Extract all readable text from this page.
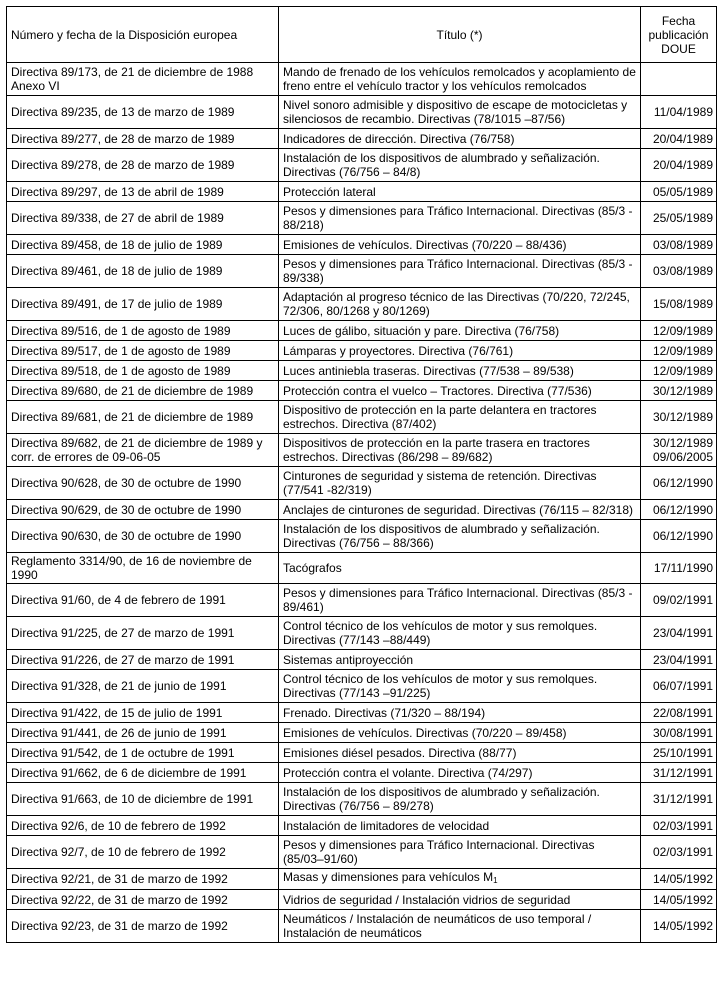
Número y fecha de la Disposición europea	Título (*)	Fecha
publicación
DOUE
Directiva 89/173, de 21 de diciembre de 1988
Anexo VI	Mando de frenado de los vehículos remolcados y acoplamiento de
freno entre el vehículo tractor y los vehículos remolcados	
Directiva 89/235, de 13 de marzo de 1989	Nivel sonoro admisible y dispositivo de escape de motocicletas y
silenciosos de recambio. Directivas (78/1015 –87/56)	11/04/1989
Directiva 89/277, de 28 de marzo de 1989	Indicadores de dirección. Directiva (76/758)	20/04/1989
Directiva 89/278, de 28 de marzo de 1989	Instalación de los dispositivos de alumbrado y señalización.
Directivas (76/756 – 84/8)	20/04/1989
Directiva 89/297, de 13 de abril de 1989	Protección lateral	05/05/1989
Directiva 89/338, de 27 de abril de 1989	Pesos y dimensiones para Tráfico Internacional. Directivas (85/3 -
88/218)	25/05/1989
Directiva 89/458, de 18 de julio de 1989	Emisiones de vehículos. Directivas (70/220 – 88/436)	03/08/1989
Directiva 89/461, de 18 de julio de 1989	Pesos y dimensiones para Tráfico Internacional. Directivas (85/3 -
89/338)	03/08/1989
Directiva 89/491, de 17 de julio de 1989	Adaptación al progreso técnico de las Directivas (70/220, 72/245,
72/306, 80/1268 y 80/1269)	15/08/1989
Directiva 89/516, de 1 de agosto de 1989	Luces de gálibo, situación y pare. Directiva (76/758)	12/09/1989
Directiva 89/517, de 1 de agosto de 1989	Lámparas y proyectores. Directiva (76/761)	12/09/1989
Directiva 89/518, de 1 de agosto de 1989	Luces antiniebla traseras. Directivas (77/538 – 89/538)	12/09/1989
Directiva 89/680, de 21 de diciembre de 1989	Protección contra el vuelco – Tractores. Directiva (77/536)	30/12/1989
Directiva 89/681, de 21 de diciembre de 1989	Dispositivo de protección en la parte delantera en tractores
estrechos. Directiva (87/402)	30/12/1989
Directiva 89/682, de 21 de diciembre de 1989 y
corr. de errores de 09-06-05	Dispositivos de protección en la parte trasera en tractores
estrechos. Directivas (86/298 – 89/682)	30/12/1989
09/06/2005
Directiva 90/628, de 30 de octubre de 1990	Cinturones de seguridad y sistema de retención. Directivas
(77/541 -82/319)	06/12/1990
Directiva 90/629, de 30 de octubre de 1990	Anclajes de cinturones de seguridad. Directivas (76/115 – 82/318)	06/12/1990
Directiva 90/630, de 30 de octubre de 1990	Instalación de los dispositivos de alumbrado y señalización.
Directivas (76/756 – 88/366)	06/12/1990
Reglamento 3314/90, de 16 de noviembre de 1990	Tacógrafos	17/11/1990
Directiva 91/60, de 4 de febrero de 1991	Pesos y dimensiones para Tráfico Internacional. Directivas (85/3 -
89/461)	09/02/1991
Directiva 91/225, de 27 de marzo de 1991	Control técnico de los vehículos de motor y sus remolques.
Directivas (77/143 –88/449)	23/04/1991
Directiva 91/226, de 27 de marzo de 1991	Sistemas antiproyección	23/04/1991
Directiva 91/328, de 21 de junio de 1991	Control técnico de los vehículos de motor y sus remolques.
Directivas (77/143 –91/225)	06/07/1991
Directiva 91/422, de 15 de julio de 1991	Frenado. Directivas (71/320 – 88/194)	22/08/1991
Directiva 91/441, de 26 de junio de 1991	Emisiones de vehículos. Directivas (70/220 – 89/458)	30/08/1991
Directiva 91/542, de 1 de octubre de 1991	Emisiones diésel pesados. Directiva (88/77)	25/10/1991
Directiva 91/662, de 6 de diciembre de 1991	Protección contra el volante. Directiva (74/297)	31/12/1991
Directiva 91/663, de 10 de diciembre de 1991	Instalación de los dispositivos de alumbrado y señalización.
Directivas (76/756 – 89/278)	31/12/1991
Directiva 92/6, de 10 de febrero de 1992	Instalación de limitadores de velocidad	02/03/1991
Directiva 92/7, de 10 de febrero de 1992	Pesos y dimensiones para Tráfico Internacional. Directivas
(85/03–91/60)	02/03/1991
Directiva 92/21, de 31 de marzo de 1992	Masas y dimensiones para vehículos $M_1$	14/05/1992
Directiva 92/22, de 31 de marzo de 1992	Vidrios de seguridad / Instalación vidrios de seguridad	14/05/1992
Directiva 92/23, de 31 de marzo de 1992	Neumáticos / Instalación de neumáticos de uso temporal /
Instalación de neumáticos	14/05/1992
